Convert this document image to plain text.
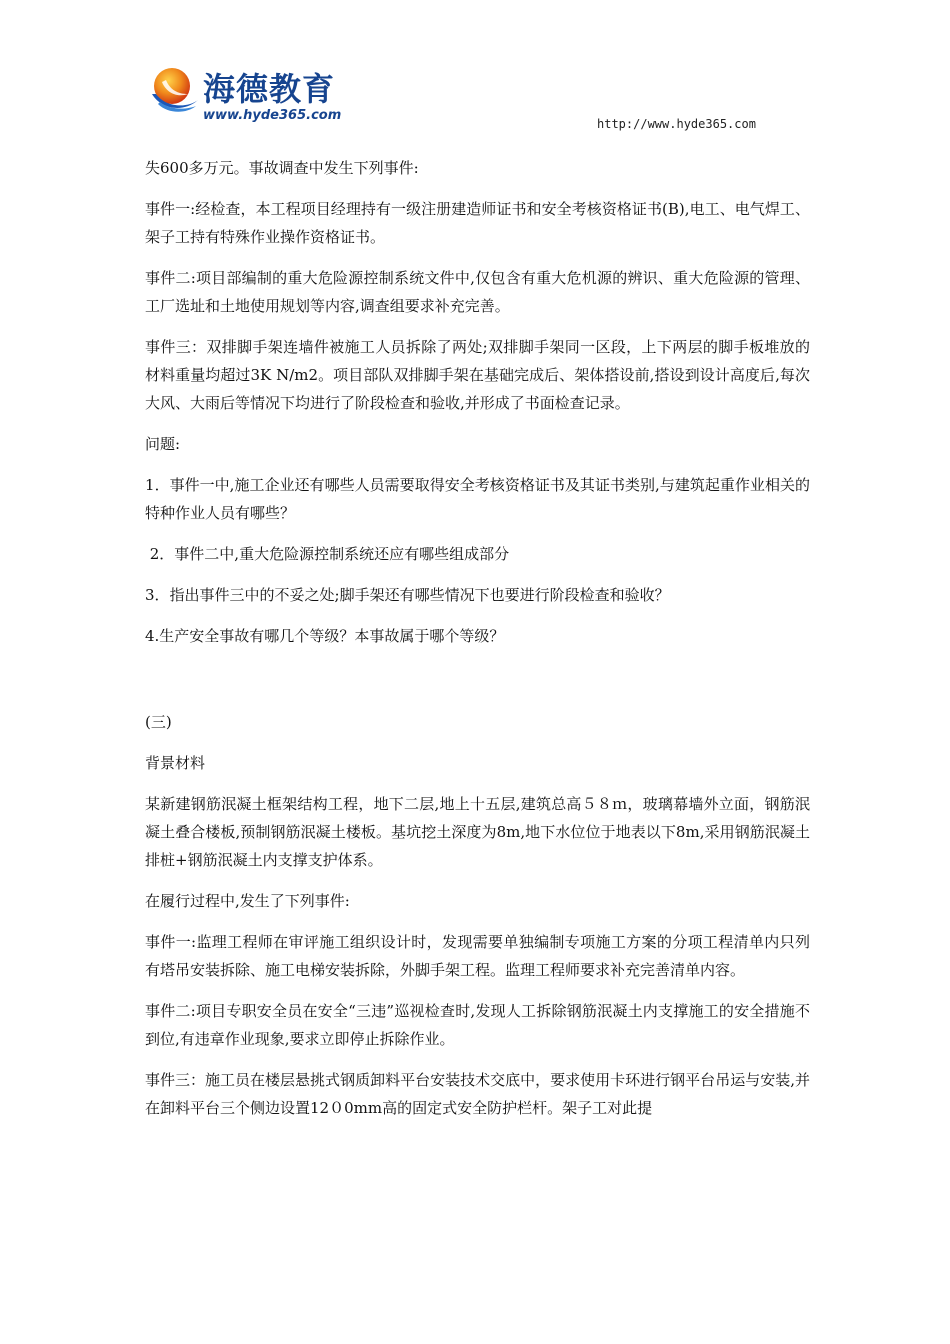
海德教育
www.hyde365.com
http://www.hyde365.com

失600多万元。事故调查中发生下列事件:

事件一:经检查，本工程项目经理持有一级注册建造师证书和安全考核资格证书(B),电工、电气焊工、架子工持有特殊作业操作资格证书。

事件二:项目部编制的重大危险源控制系统文件中,仅包含有重大危机源的辨识、重大危险源的管理、工厂选址和土地使用规划等内容,调查组要求补充完善。

事件三：双排脚手架连墙件被施工人员拆除了两处;双排脚手架同一区段，上下两层的脚手板堆放的材料重量均超过3K N/m2。项目部队双排脚手架在基础完成后、架体搭设前,搭设到设计高度后,每次大风、大雨后等情况下均进行了阶段检查和验收,并形成了书面检查记录。

问题:

1．事件一中,施工企业还有哪些人员需要取得安全考核资格证书及其证书类别,与建筑起重作业相关的特种作业人员有哪些？

2．事件二中,重大危险源控制系统还应有哪些组成部分

3．指出事件三中的不妥之处;脚手架还有哪些情况下也要进行阶段检查和验收？

4.生产安全事故有哪几个等级？本事故属于哪个等级？

(三)

背景材料

某新建钢筋泯凝土框架结构工程，地下二层,地上十五层,建筑总高５８ｍ，玻璃幕墙外立面，钢筋泯凝土叠合楼板,预制钢筋泯凝土楼板。基坑挖土深度为8m,地下水位位于地表以下8m,采用钢筋泯凝土排桩+钢筋泯凝土内支撑支护体系。

在履行过程中,发生了下列事件:

事件一:监理工程师在审评施工组织设计时，发现需要单独编制专项施工方案的分项工程清单内只列有塔吊安装拆除、施工电梯安装拆除，外脚手架工程。监理工程师要求补充完善清单内容。

事件二:项目专职安全员在安全“三违”巡视检查时,发现人工拆除钢筋泯凝土内支撑施工的安全措施不到位,有违章作业现象,要求立即停止拆除作业。

事件三：施工员在楼层悬挑式钢质卸料平台安装技术交底中，要求使用卡环进行钢平台吊运与安装,并在卸料平台三个侧边设置12０0mm高的固定式安全防护栏杆。架子工对此提
